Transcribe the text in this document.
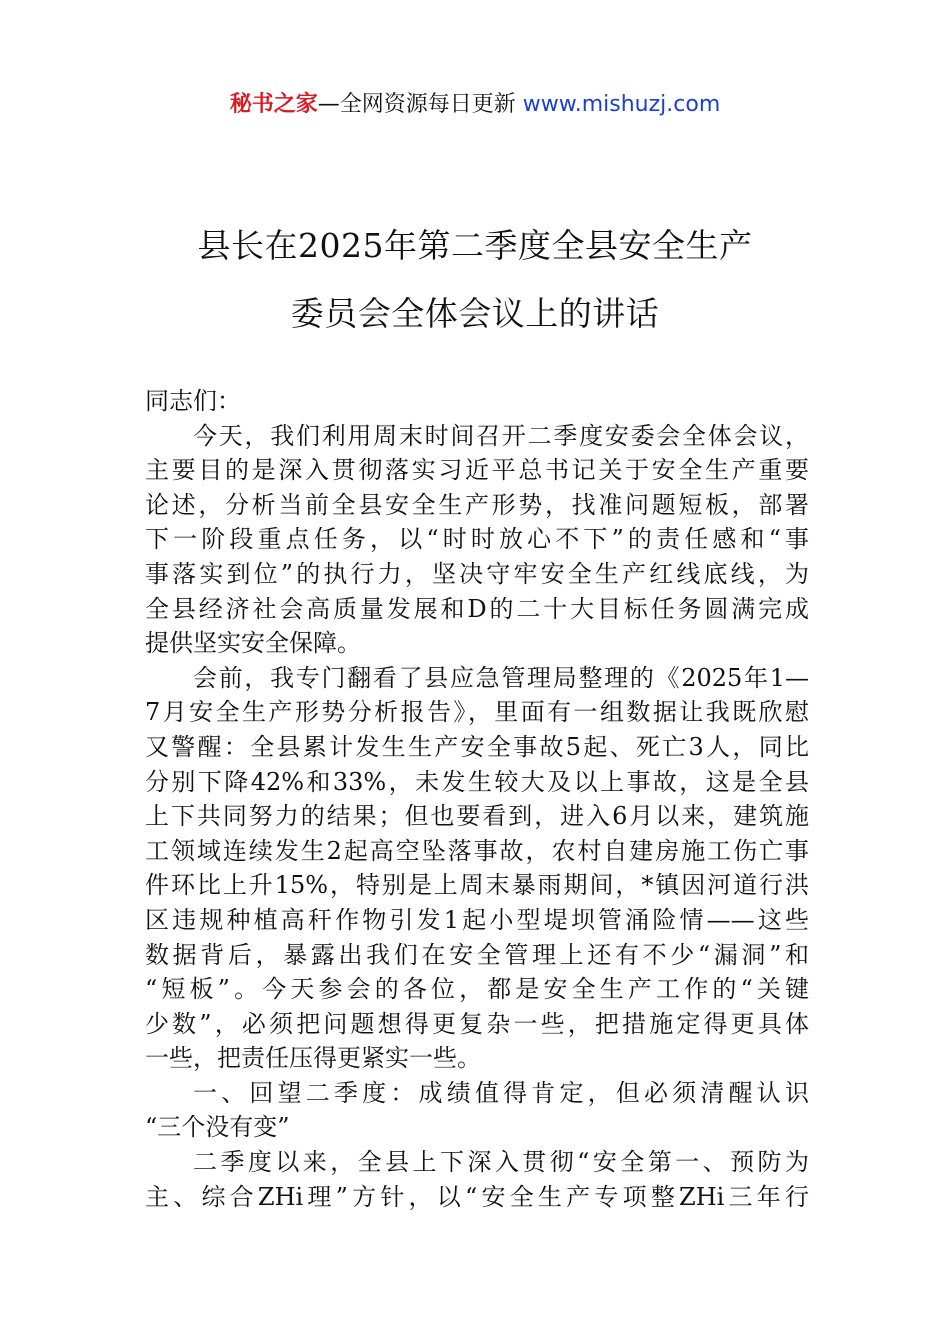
秘书之家—全网资源每日更新 www.mishuzj.com
县长在2025年第二季度全县安全生产
委员会全体会议上的讲话
同志们：
今天，我们利用周末时间召开二季度安委会全体会议，
主要目的是深入贯彻落实习近平总书记关于安全生产重要
论述，分析当前全县安全生产形势，找准问题短板，部署
下一阶段重点任务，以“时时放心不下”的责任感和“事
事落实到位”的执行力，坚决守牢安全生产红线底线，为
全县经济社会高质量发展和D的二十大目标任务圆满完成
提供坚实安全保障。
会前，我专门翻看了县应急管理局整理的《2025年1—
7月安全生产形势分析报告》，里面有一组数据让我既欣慰
又警醒：全县累计发生生产安全事故5起、死亡3人，同比
分别下降42%和33%，未发生较大及以上事故，这是全县
上下共同努力的结果；但也要看到，进入6月以来，建筑施
工领域连续发生2起高空坠落事故，农村自建房施工伤亡事
件环比上升15%，特别是上周末暴雨期间，*镇因河道行洪
区违规种植高秆作物引发1起小型堤坝管涌险情——这些
数据背后，暴露出我们在安全管理上还有不少“漏洞”和
“短板”。今天参会的各位，都是安全生产工作的“关键
少数”，必须把问题想得更复杂一些，把措施定得更具体
一些，把责任压得更紧实一些。
一、回望二季度：成绩值得肯定，但必须清醒认识
“三个没有变”
二季度以来，全县上下深入贯彻“安全第一、预防为
主、综合ZHi理”方针，以“安全生产专项整ZHi三年行
